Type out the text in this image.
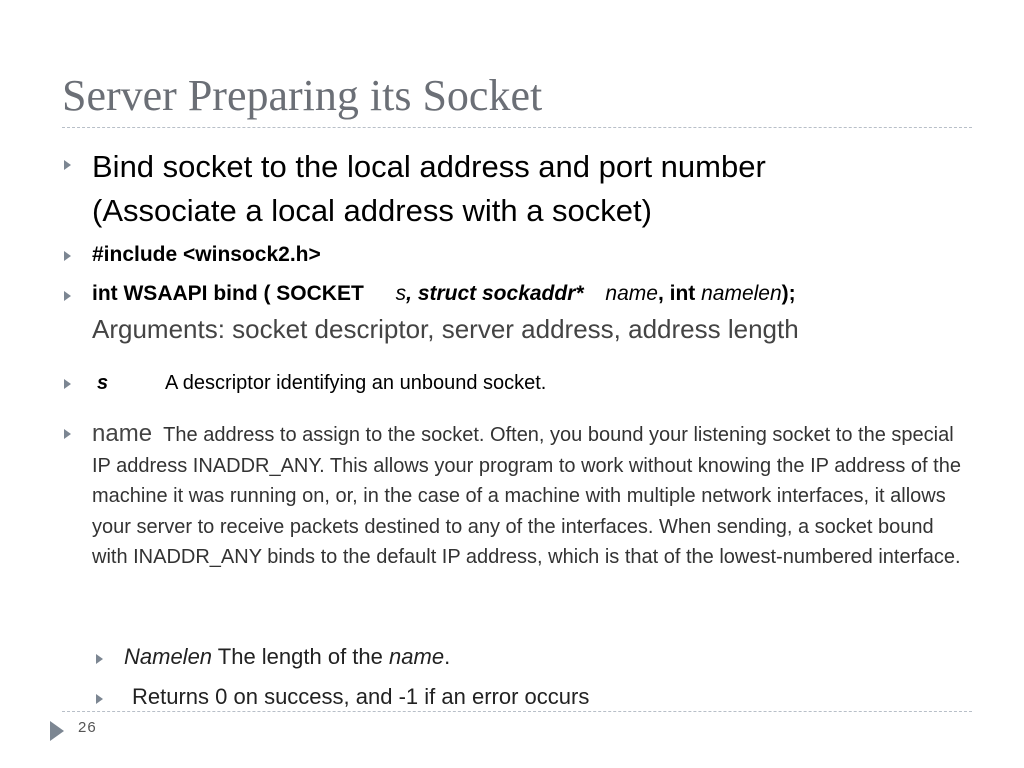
Server Preparing its Socket
Bind socket to the local address and port number
(Associate a local address with a socket)
#include <winsock2.h>
int WSAAPI bind ( SOCKET s, struct sockaddr* name, int namelen);
Arguments: socket descriptor, server address, address length
s	A descriptor identifying an unbound socket.
name The address to assign to the socket. Often, you bound your listening socket to the special IP address INADDR_ANY. This allows your program to work without knowing the IP address of the machine it was running on, or, in the case of a machine with multiple network interfaces, it allows your server to receive packets destined to any of the interfaces. When sending, a socket bound with INADDR_ANY binds to the default IP address, which is that of the lowest-numbered interface.
Namelen The length of the name.
Returns 0 on success, and -1 if an error occurs
26
